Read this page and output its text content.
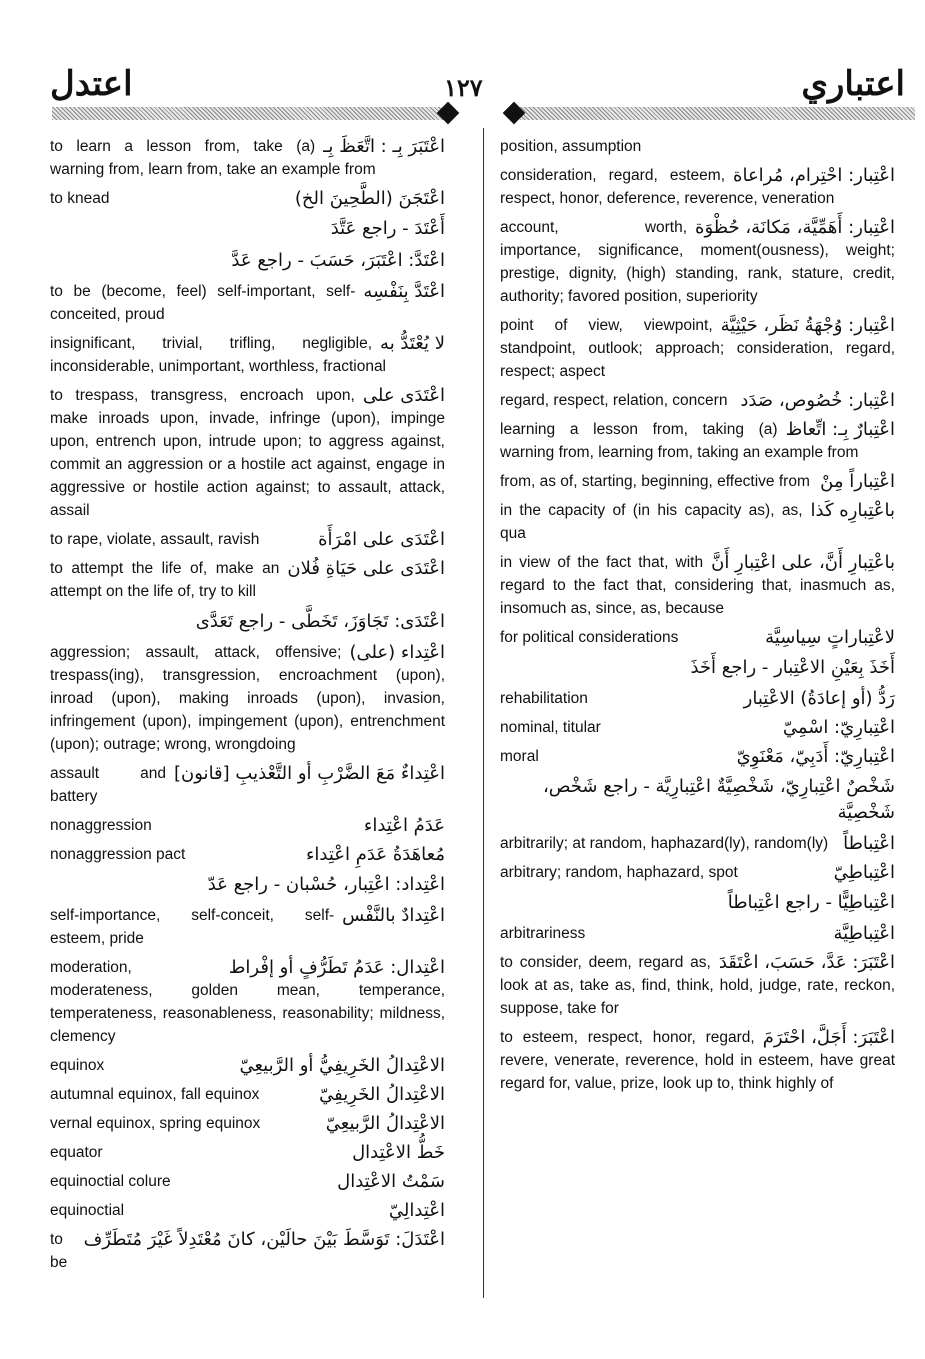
اعتباري
١٢٧
اعتدل
اعْتَبَرَ بِـ : اتَّعَظَ بِـ
to learn a lesson from, take (a) warning from, learn from, take an example from
اعْتَجَنَ (الطَّحِينَ الخ)
to knead
أَعْتَدَ - راجع عَتَّدَ
اعْتَدَّ: اعْتَبَرَ، حَسَبَ - راجع عَدَّ
اعْتَدَّ بِنَفْسِه
to be (become, feel) self-important, self-conceited, proud
لا يُعْتَدُّ به
insignificant, trivial, trifling, negligible, inconsiderable, unimportant, worthless, fractional
اعْتَدَى على
to trespass, transgress, encroach upon, make inroads upon, invade, infringe (upon), impinge upon, entrench upon, intrude upon; to aggress against, commit an aggression or a hostile act against, engage in aggressive or hostile action against; to assault, attack, assail
اعْتَدَى على امْرَأَة
to rape, violate, assault, ravish
اعْتَدَى على حَيَاةِ فُلان
to attempt the life of, make an attempt on the life of, try to kill
اعْتَدَى: تَجَاوَزَ، تَخَطَّى - راجع تَعَدَّى
اعْتِداء (على)
aggression; assault, attack, offensive; trespass(ing), transgression, encroachment (upon), inroad (upon), making inroads (upon), invasion, infringement (upon), impingement (upon), entrenchment (upon); outrage; wrong, wrongdoing
اعْتِداءٌ مَعَ الضَّرْبِ أو التَّعْذيبِ [قانون]
assault and battery
عَدَمُ اعْتِداء
nonaggression
مُعاهَدَةُ عَدَمِ اعْتِداء
nonaggression pact
اعْتِداد: اعْتِبار، حُسْبان - راجع عَدّ
اعْتِدادٌ بالنَّفْس
self-importance, self-conceit, self-esteem, pride
اعْتِدال: عَدَمُ تَطَرُّفٍ أو إفْراط
moderation, moderateness, golden mean, temperance, temperateness, reasonableness, reasonability; mildness, clemency
الاعْتِدالُ الخَرِيفِيُّ أو الرَّبيعِيّ
equinox
الاعْتِدالُ الخَرِيفِيّ
autumnal equinox, fall equinox
الاعْتِدالُ الرَّبيعِيّ
vernal equinox, spring equinox
خَطُّ الاعْتِدال
equator
سَمْتُ الاعْتِدال
equinoctial colure
اعْتِدالِيّ
equinoctial
اعْتَدَلَ: تَوَسَّطَ بَيْنَ حالَيْن، كانَ مُعْتَدِلاً غَيْرَ مُتَطَرِّف
to be
position, assumption
اعْتِبار: احْتِرام، مُراعاة
consideration, regard, esteem, respect, honor, deference, reverence, veneration
اعْتِبار: أَهَمِّيَّة، مَكانَة، حُظْوَة
account, worth, importance, significance, moment(ousness), weight; prestige, dignity, (high) standing, rank, stature, credit, authority; favored position, superiority
اعْتِبار: وُجْهَةُ نَظَر، حَيْثِيَّة
point of view, viewpoint, standpoint, outlook; approach; consideration, regard, respect; aspect
اعْتِبار: خُصُوص، صَدَد
regard, respect, relation, concern
اعْتِبارٌ بِـ: اتِّعاظ
learning a lesson from, taking (a) warning from, learning from, taking an example from
اعْتِباراً مِنْ
from, as of, starting, beginning, effective from
باعْتِبارِه كَذا
in the capacity of (in his capacity as), as, qua
باعْتِبارِ أَنَّ، على اعْتِبارِ أَنَّ
in view of the fact that, with regard to the fact that, considering that, inasmuch as, insomuch as, since, as, because
لاعْتِباراتٍ سِياسِيَّة
for political considerations
أَخَذَ بِعَيْنِ الاعْتِبار - راجع أَخَذَ
رَدُّ (أو إعادَةُ) الاعْتِبار
rehabilitation
اعْتِبارِيّ: اسْمِيّ
nominal, titular
اعْتِبارِيّ: أَدَبِيّ، مَعْنَوِيّ
moral
شَخْصٌ اعْتِبارِيّ، شَخْصِيَّةٌ اعْتِبارِيَّة - راجع شَخْص، شَخْصِيَّة
اعْتِباطاً
arbitrarily; at random, haphazard(ly), random(ly)
اعْتِباطِيّ
arbitrary; random, haphazard, spot
اعْتِباطِيًّا - راجع اعْتِباطاً
اعْتِباطِيَّة
arbitrariness
اعْتَبَرَ: عَدَّ، حَسَبَ، اعْتَقَدَ
to consider, deem, regard as, look at as, take as, find, think, hold, judge, rate, reckon, suppose, take for
اعْتَبَرَ: أَجَلَّ، احْتَرَمَ
to esteem, respect, honor, regard, revere, venerate, reverence, hold in esteem, have great regard for, value, prize, look up to, think highly of
